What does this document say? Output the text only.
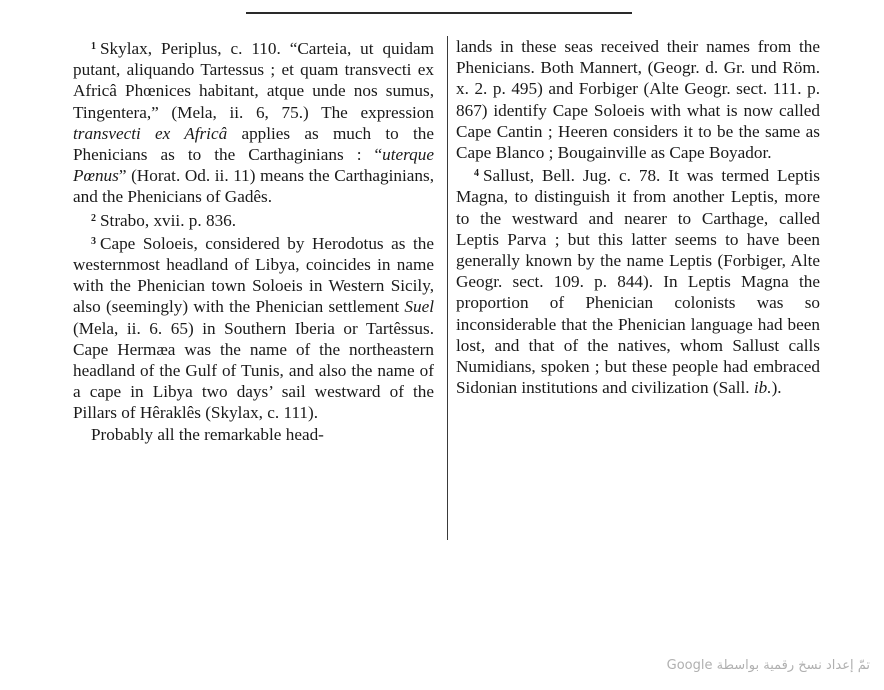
$^1$ Skylax, Periplus, c. 110. “Carteia, ut quidam putant, aliquando Tartessus ; et quam transvecti ex Africâ Phœnices habitant, atque unde nos sumus, Tingentera,” (Mela, ii. 6, 75.) The expression transvecti ex Africâ applies as much to the Phenicians as to the Carthaginians : “uterque Pœnus” (Horat. Od. ii. 11) means the Carthaginians, and the Phenicians of Gadês.

$^2$ Strabo, xvii. p. 836.

$^3$ Cape Soloeis, considered by Herodotus as the westernmost headland of Libya, coincides in name with the Phenician town Soloeis in Western Sicily, also (seemingly) with the Phenician settlement Suel (Mela, ii. 6. 65) in Southern Iberia or Tartêssus. Cape Hermæa was the name of the northeastern headland of the Gulf of Tunis, and also the name of a cape in Libya two days’ sail westward of the Pillars of Hêraklês (Skylax, c. 111).

Probably all the remarkable head-

lands in these seas received their names from the Phenicians. Both Mannert, (Geogr. d. Gr. und Röm. x. 2. p. 495) and Forbiger (Alte Geogr. sect. 111. p. 867) identify Cape Soloeis with what is now called Cape Cantin ; Heeren considers it to be the same as Cape Blanco ; Bougainville as Cape Boyador.

$^4$ Sallust, Bell. Jug. c. 78. It was termed Leptis Magna, to distinguish it from another Leptis, more to the westward and nearer to Carthage, called Leptis Parva ; but this latter seems to have been generally known by the name Leptis (Forbiger, Alte Geogr. sect. 109. p. 844). In Leptis Magna the proportion of Phenician colonists was so inconsiderable that the Phenician language had been lost, and that of the natives, whom Sallust calls Numidians, spoken ; but these people had embraced Sidonian institutions and civilization (Sall. ib.).

تمّ إعداد نسخ رقمية بواسطة Google
